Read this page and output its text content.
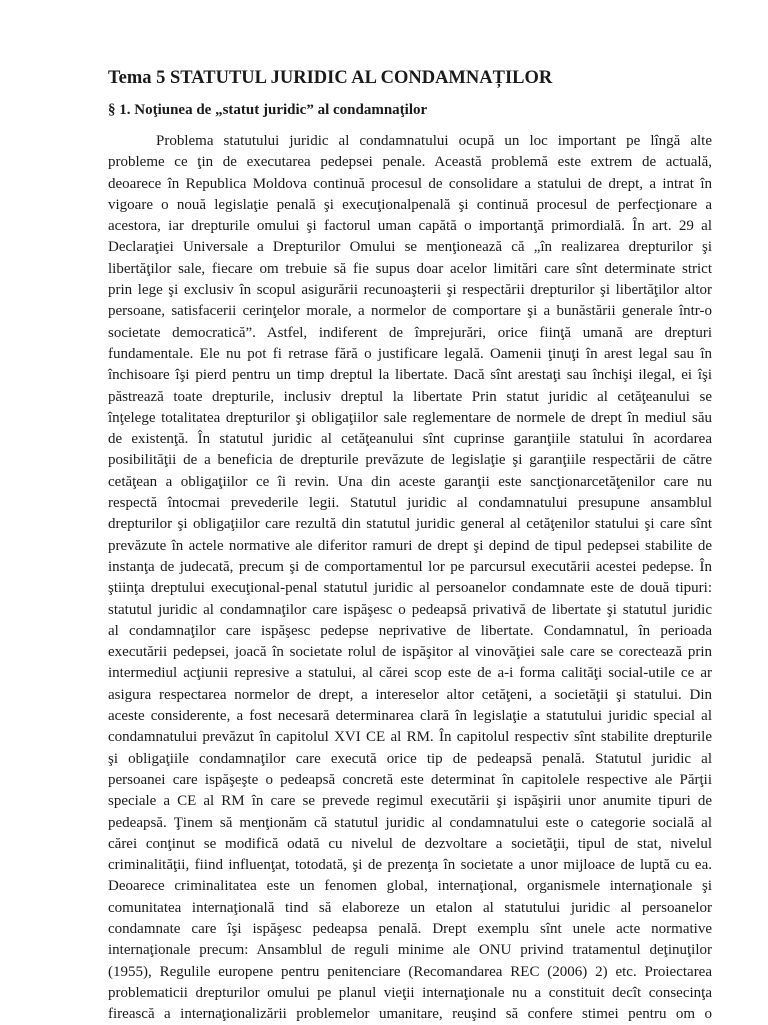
Tema 5 STATUTUL JURIDIC AL CONDAMNAȚILOR
§ 1. Noţiunea de „statut juridic” al condamnaţilor
Problema statutului juridic al condamnatului ocupă un loc important pe lîngă alte
probleme ce ţin de executarea pedepsei penale. Această problemă este extrem de actuală,
deoarece în Republica Moldova continuă procesul de consolidare a statului de drept, a intrat în
vigoare o nouă legislaţie penală şi execuţionalpenală şi continuă procesul de perfecţionare a
acestora, iar drepturile omului şi factorul uman capătă o importanţă primordială. În art. 29 al
Declaraţiei Universale a Drepturilor Omului se menţionează că „în realizarea drepturilor şi
libertăţilor sale, fiecare om trebuie să fie supus doar acelor limitări care sînt determinate strict
prin lege şi exclusiv în scopul asigurării recunoaşterii şi respectării drepturilor şi libertăţilor altor
persoane, satisfacerii cerinţelor morale, a normelor de comportare şi a bunăstării generale într-o
societate democratică”. Astfel, indiferent de împrejurări, orice fiinţă umană are drepturi
fundamentale. Ele nu pot fi retrase fără o justificare legală. Oamenii ţinuţi în arest legal sau în
închisoare îşi pierd pentru un timp dreptul la libertate. Dacă sînt arestaţi sau închişi ilegal, ei îşi
păstrează toate drepturile, inclusiv dreptul la libertate Prin statut juridic al cetăţeanului se
înţelege totalitatea drepturilor şi obligaţiilor sale reglementare de normele de drept în mediul său
de existenţă. În statutul juridic al cetăţeanului sînt cuprinse garanţiile statului în acordarea
posibilităţii de a beneficia de drepturile prevăzute de legislaţie şi garanţiile respectării de către
cetăţean a obligaţiilor ce îi revin. Una din aceste garanţii este sancţionarcetăţenilor care nu
respectă întocmai prevederile legii. Statutul juridic al condamnatului presupune ansamblul
drepturilor şi obligaţiilor care rezultă din statutul juridic general al cetăţenilor statului şi care sînt
prevăzute în actele normative ale diferitor ramuri de drept şi depind de tipul pedepsei stabilite de
instanţa de judecată, precum şi de comportamentul lor pe parcursul executării acestei pedepse. În
ştiinţa dreptului execuţional-penal statutul juridic al persoanelor condamnate este de două tipuri:
statutul juridic al condamnaţilor care ispăşesc o pedeapsă privativă de libertate şi statutul juridic
al condamnaţilor care ispăşesc pedepse neprivative de libertate. Condamnatul, în perioada
executării pedepsei, joacă în societate rolul de ispăşitor al vinovăţiei sale care se corectează prin
intermediul acţiunii represive a statului, al cărei scop este de a-i forma calităţi social-utile ce ar
asigura respectarea normelor de drept, a intereselor altor cetăţeni, a societăţii şi statului. Din
aceste considerente, a fost necesară determinarea clară în legislaţie a statutului juridic special al
condamnatului prevăzut în capitolul XVI CE al RM. În capitolul respectiv sînt stabilite drepturile
şi obligaţiile condamnaţilor care execută orice tip de pedeapsă penală. Statutul juridic al
persoanei care ispăşeşte o pedeapsă concretă este determinat în capitolele respective ale Părţii
speciale a CE al RM în care se prevede regimul executării şi ispăşirii unor anumite tipuri de
pedeapsă. Ţinem să menţionăm că statutul juridic al condamnatului este o categorie socială al
cărei conţinut se modifică odată cu nivelul de dezvoltare a societăţii, tipul de stat, nivelul
criminalităţii, fiind influenţat, totodată, şi de prezenţa în societate a unor mijloace de luptă cu ea.
Deoarece criminalitatea este un fenomen global, internaţional, organismele internaţionale şi
comunitatea internaţională tind să elaboreze un etalon al statutului juridic al persoanelor
condamnate care îşi ispăşesc pedeapsa penală. Drept exemplu sînt unele acte normative
internaţionale precum: Ansamblul de reguli minime ale ONU privind tratamentul deţinuţilor
(1955), Regulile europene pentru penitenciare (Recomandarea REC (2006) 2) etc. Proiectarea
problematicii drepturilor omului pe planul vieţii internaţionale nu a constituit decît consecinţa
firească a internaţionalizării problemelor umanitare, reuşind să confere stimei pentru om o
